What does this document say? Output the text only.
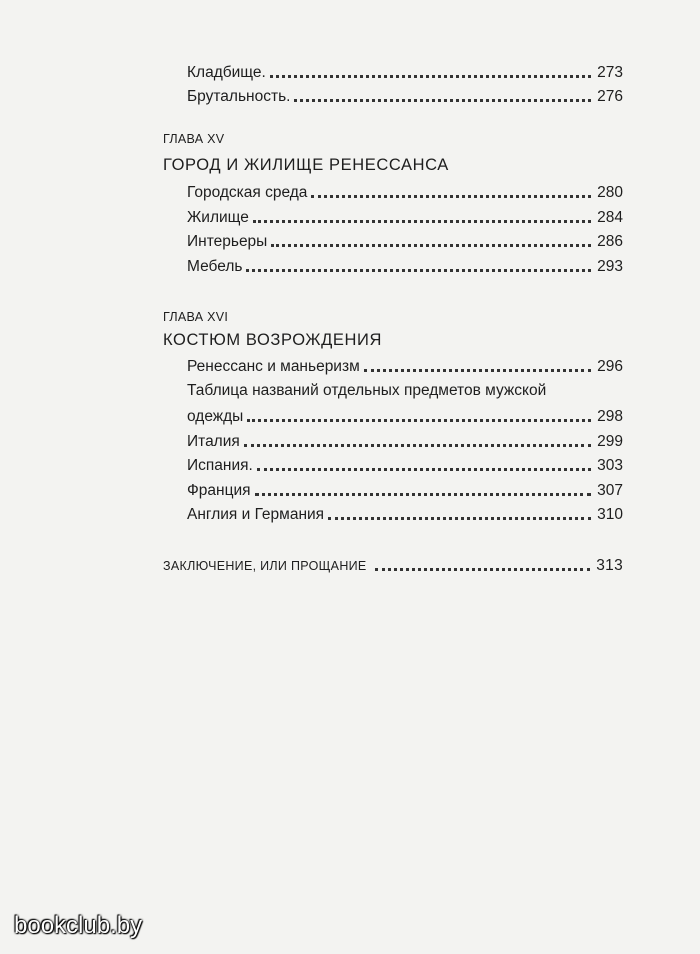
Кладбище.	273
Брутальность.	276
ГЛАВА XV
ГОРОД И ЖИЛИЩЕ РЕНЕССАНСА
Городская среда	280
Жилище	284
Интерьеры	286
Мебель	293
ГЛАВА XVI
КОСТЮМ ВОЗРОЖДЕНИЯ
Ренессанс и маньеризм	296
Таблица названий отдельных предметов мужской
одежды	298
Италия	299
Испания.	303
Франция	307
Англия и Германия	310
ЗАКЛЮЧЕНИЕ, ИЛИ ПРОЩАНИЕ	313
bookclub.by
